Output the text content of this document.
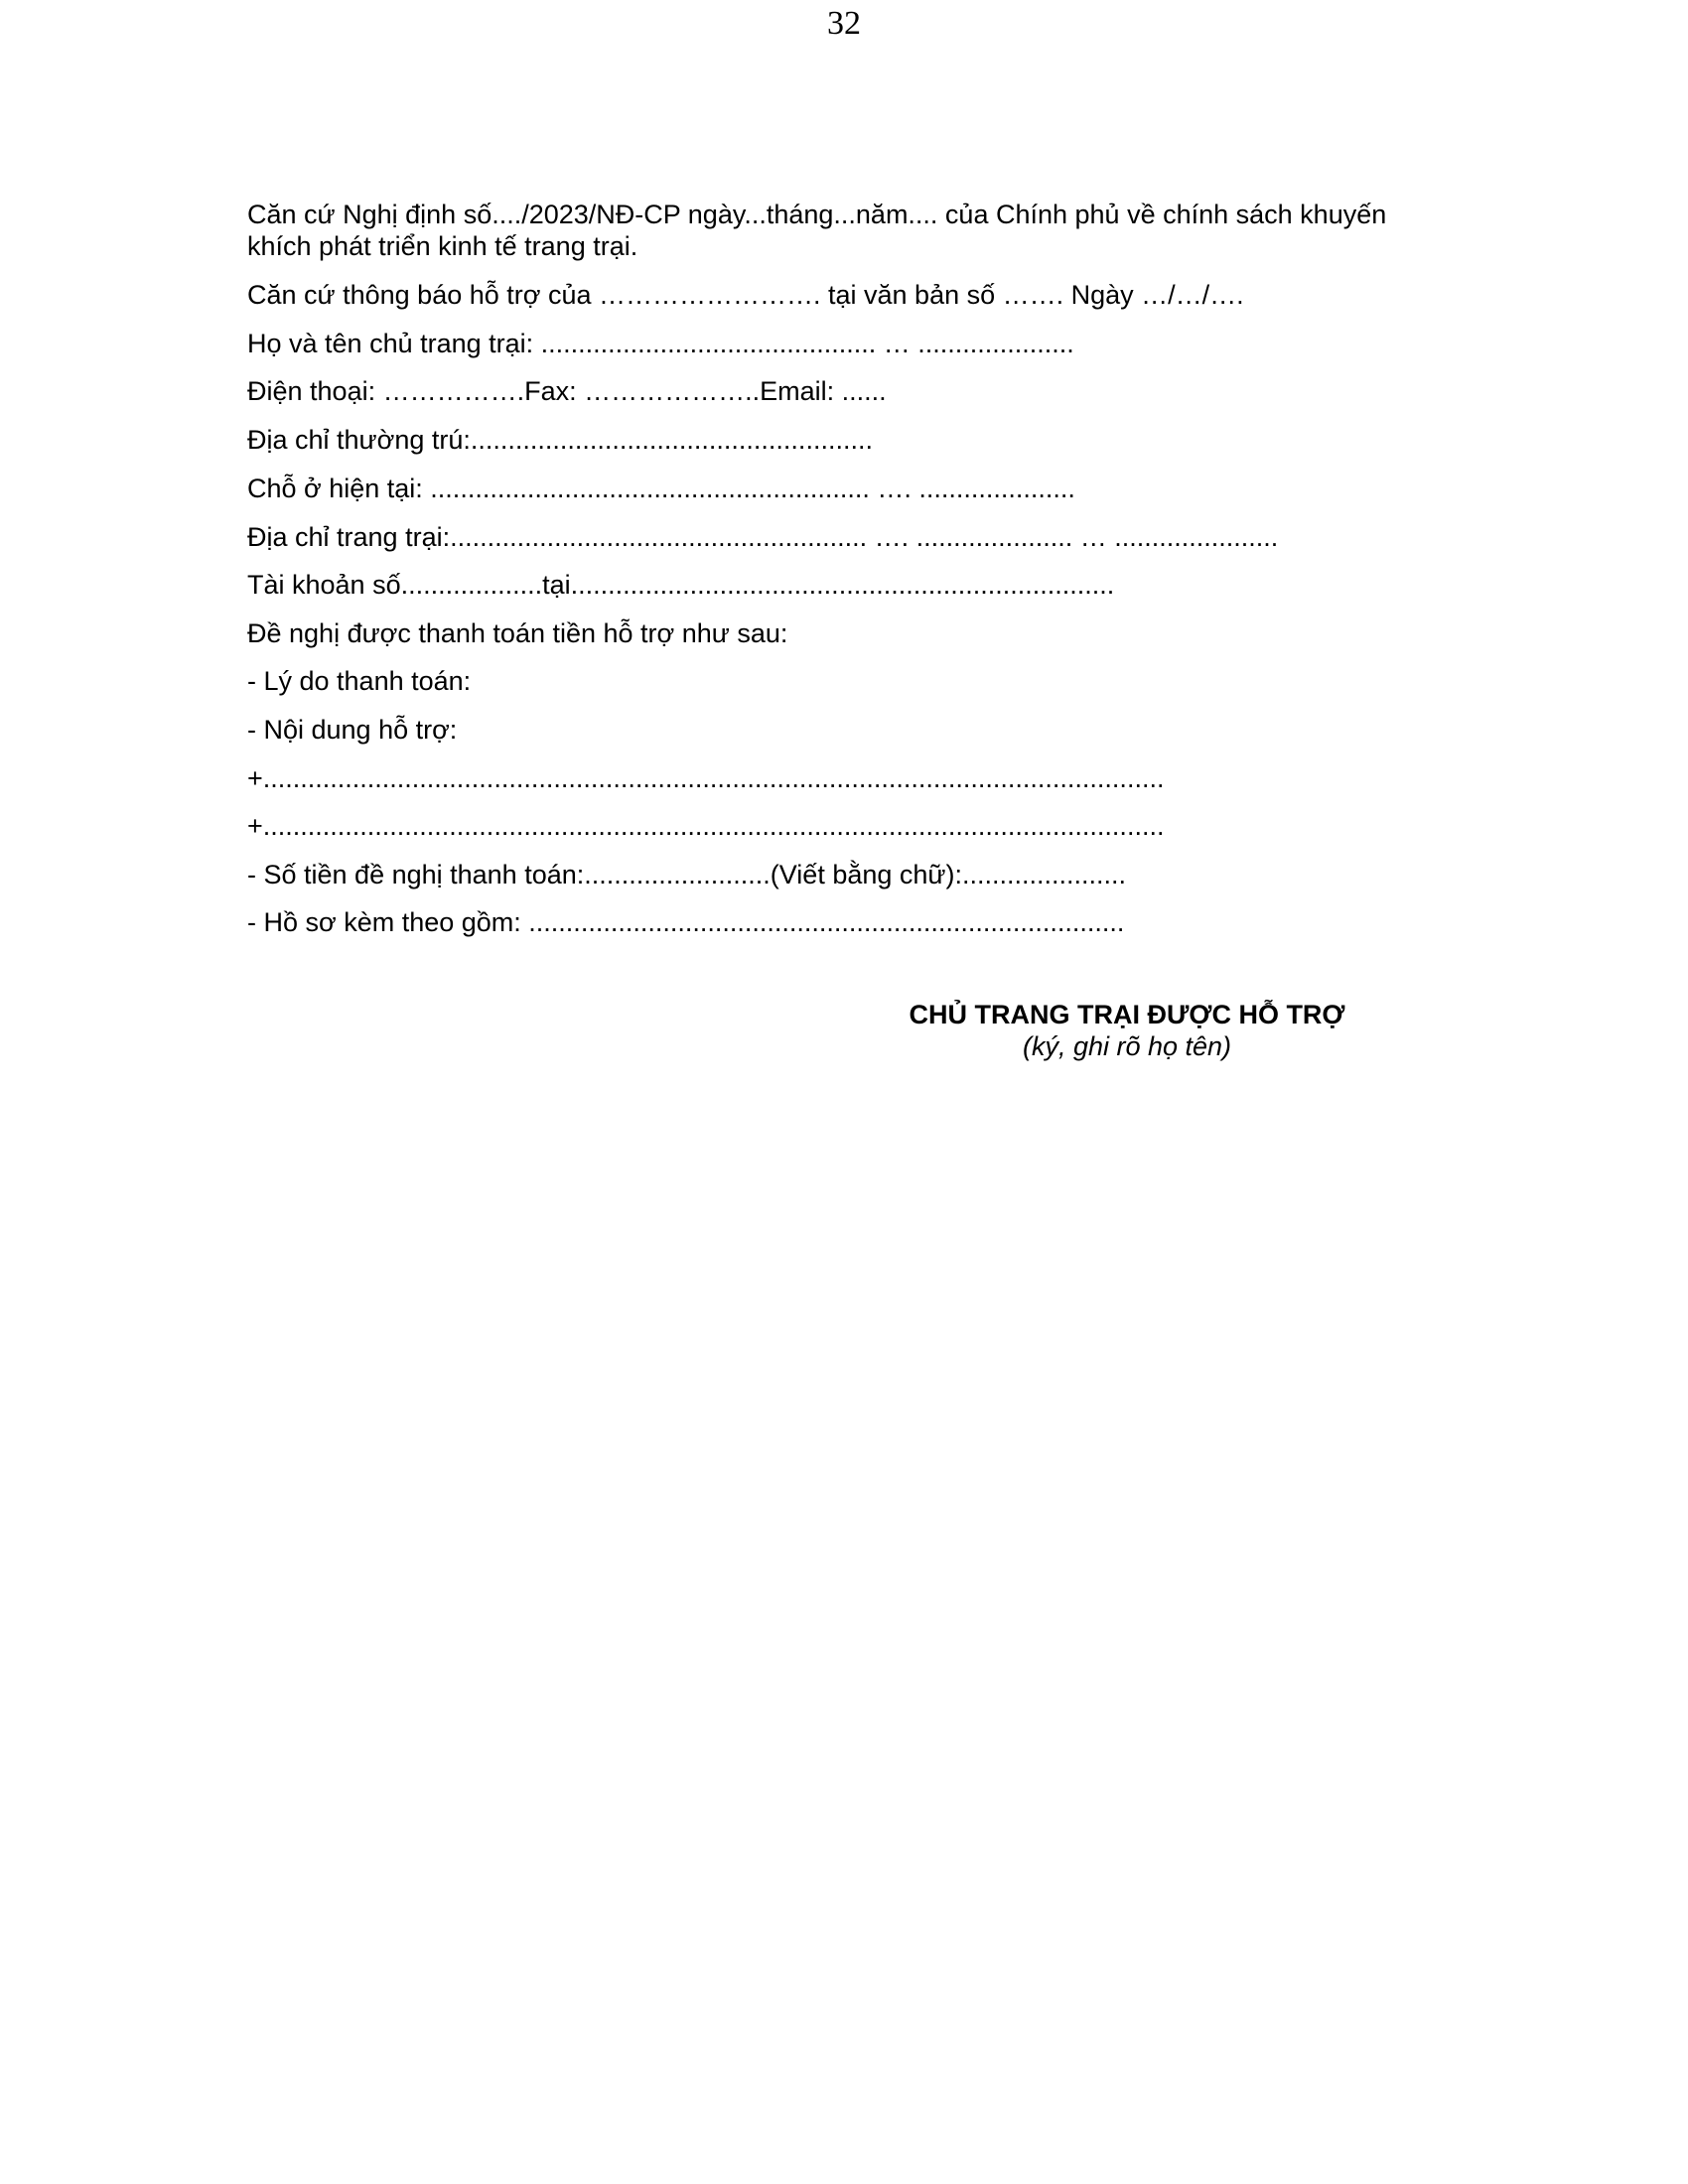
32
Căn cứ Nghị định số..../2023/NĐ-CP ngày...tháng...năm.... của Chính phủ về chính sách khuyến khích phát triển kinh tế trang trại.
Căn cứ thông báo hỗ trợ của ……………………. tại văn bản số ……. Ngày …/…/….
Họ và tên chủ trang trại: ............................................. … .....................
Điện thoại: …………….Fax: ………………..Email: ......
Địa chỉ thường trú:......................................................
Chỗ ở hiện tại: ........................................................... …. .....................
Địa chỉ trang trại:........................................................ …. ..................... … ......................
Tài khoản số...................tại.........................................................................
Đề nghị được thanh toán tiền hỗ trợ như sau:
- Lý do thanh toán:
- Nội dung hỗ trợ:
+.........................................................................................................................
+.........................................................................................................................
- Số tiền đề nghị thanh toán:.........................(Viết bằng chữ):......................
- Hồ sơ kèm theo gồm: ................................................................................
CHỦ TRANG TRẠI ĐƯỢC HỖ TRỢ
(ký, ghi rõ họ tên)
